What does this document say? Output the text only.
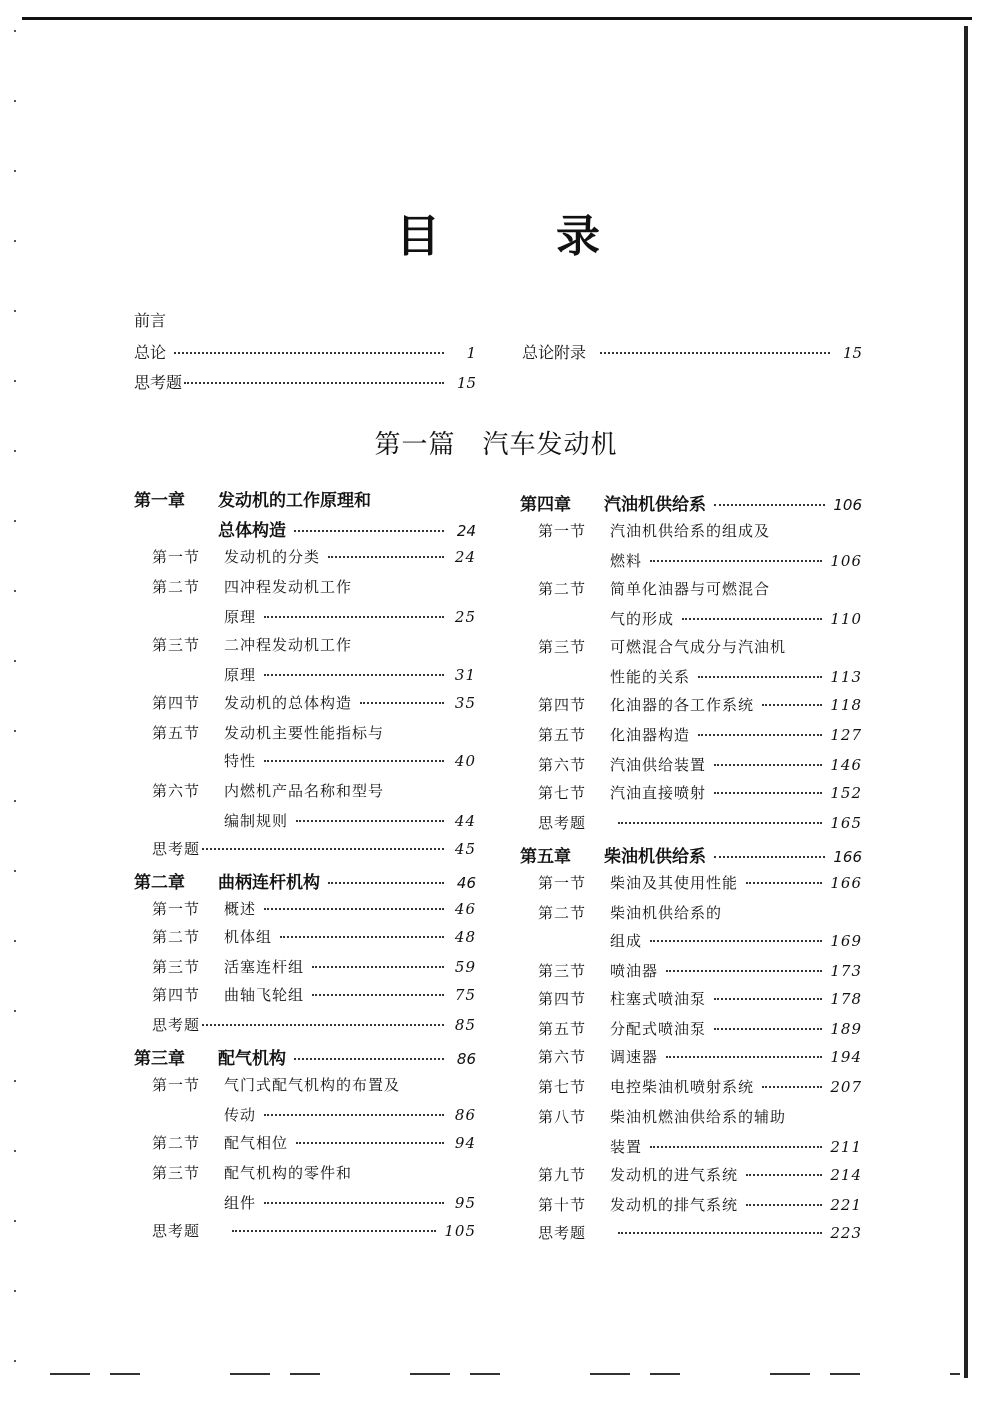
目	录
前言
总论	1
思考题	15
总论附录	15
第一篇　汽车发动机
第一章	发动机的工作原理和
总体构造	24
第一节	发动机的分类	24
第二节	四冲程发动机工作
原理	25
第三节	二冲程发动机工作
原理	31
第四节	发动机的总体构造	35
第五节	发动机主要性能指标与
特性	40
第六节	内燃机产品名称和型号
编制规则	44
思考题	45
第二章	曲柄连杆机构	46
第一节	概述	46
第二节	机体组	48
第三节	活塞连杆组	59
第四节	曲轴飞轮组	75
思考题	85
第三章	配气机构	86
第一节	气门式配气机构的布置及
传动	86
第二节	配气相位	94
第三节	配气机构的零件和
组件	95
思考题	105
第四章	汽油机供给系	106
第一节	汽油机供给系的组成及
燃料	106
第二节	简单化油器与可燃混合
气的形成	110
第三节	可燃混合气成分与汽油机
性能的关系	113
第四节	化油器的各工作系统	118
第五节	化油器构造	127
第六节	汽油供给装置	146
第七节	汽油直接喷射	152
思考题	165
第五章	柴油机供给系	166
第一节	柴油及其使用性能	166
第二节	柴油机供给系的
组成	169
第三节	喷油器	173
第四节	柱塞式喷油泵	178
第五节	分配式喷油泵	189
第六节	调速器	194
第七节	电控柴油机喷射系统	207
第八节	柴油机燃油供给系的辅助
装置	211
第九节	发动机的进气系统	214
第十节	发动机的排气系统	221
思考题	223
